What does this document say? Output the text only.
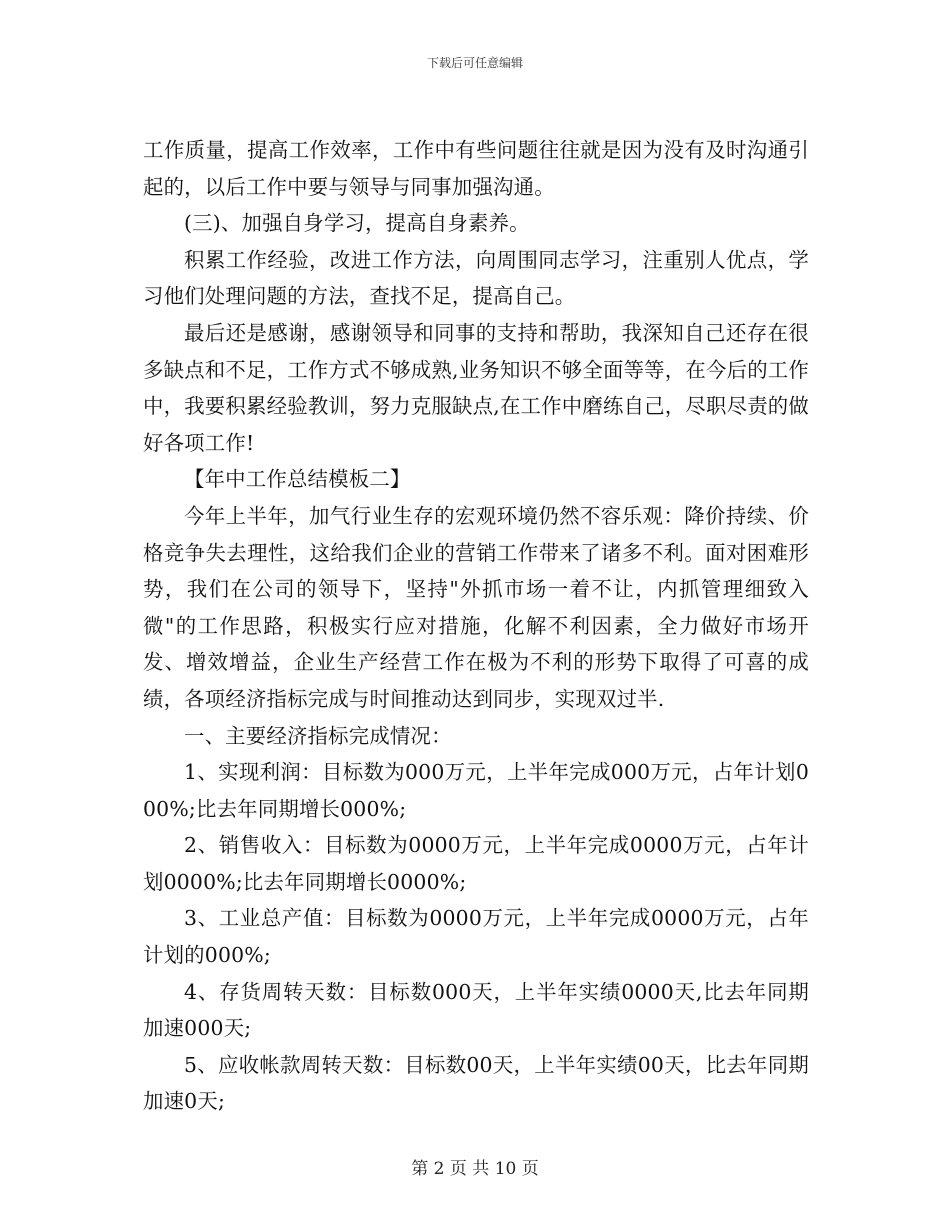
下载后可任意编辑

工作质量，提高工作效率，工作中有些问题往往就是因为没有及时沟通引起的，以后工作中要与领导与同事加强沟通。

(三)、加强自身学习，提高自身素养。

积累工作经验，改进工作方法，向周围同志学习，注重别人优点，学习他们处理问题的方法，查找不足，提高自己。

最后还是感谢，感谢领导和同事的支持和帮助，我深知自己还存在很多缺点和不足，工作方式不够成熟,业务知识不够全面等等，在今后的工作中，我要积累经验教训，努力克服缺点,在工作中磨练自己，尽职尽责的做好各项工作!

【年中工作总结模板二】

今年上半年，加气行业生存的宏观环境仍然不容乐观：降价持续、价格竞争失去理性，这给我们企业的营销工作带来了诸多不利。面对困难形势，我们在公司的领导下，坚持"外抓市场一着不让，内抓管理细致入微"的工作思路，积极实行应对措施，化解不利因素，全力做好市场开发、增效增益，企业生产经营工作在极为不利的形势下取得了可喜的成绩，各项经济指标完成与时间推动达到同步，实现双过半.

一、主要经济指标完成情况：

1、实现利润：目标数为000万元，上半年完成000万元，占年计划000%;比去年同期增长000%;

2、销售收入：目标数为0000万元，上半年完成0000万元，占年计划0000%;比去年同期增长0000%;

3、工业总产值：目标数为0000万元，上半年完成0000万元，占年计划的000%;

4、存货周转天数：目标数000天，上半年实绩0000天,比去年同期加速000天;

5、应收帐款周转天数：目标数00天，上半年实绩00天，比去年同期加速0天;

第 2 页 共 10 页
